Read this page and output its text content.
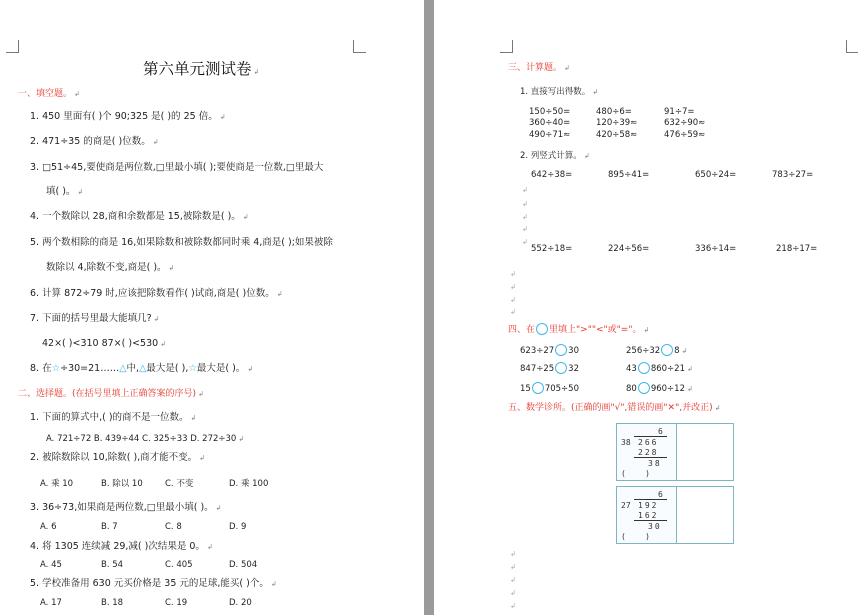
第六单元测试卷 ↲
一、填空题。 ↲
1. 450 里面有( )个 90;325 是( )的 25 倍。 ↲
2. 471÷35 的商是( )位数。 ↲
3. □51÷45,要使商是两位数,□里最小填( );要使商是一位数,□里最大
填( )。 ↲
4. 一个数除以 28,商和余数都是 15,被除数是( )。 ↲
5. 两个数相除的商是 16,如果除数和被除数都同时乘 4,商是( );如果被除
数除以 4,除数不变,商是( )。 ↲
6. 计算 872÷79 时,应该把除数看作( )试商,商是( )位数。 ↲
7. 下面的括号里最大能填几? ↲
42×( )<310 87×( )<530 ↲
8. 在☆÷30=21……△中,△最大是( ),☆最大是( )。 ↲
二、选择题。(在括号里填上正确答案的序号) ↲
1. 下面的算式中,( )的商不是一位数。 ↲
A. 721÷72 B. 439÷44 C. 325÷33 D. 272÷30 ↲
2. 被除数除以 10,除数( ),商才能不变。 ↲
A. 乘 10	B. 除以 10	C. 不变	D. 乘 100
3. 36÷73,如果商是两位数,□里最小填( )。 ↲
A. 6	B. 7	C. 8	D. 9
4. 将 1305 连续减 29,减( )次结果是 0。 ↲
A. 45	B. 54	C. 405	D. 504
5. 学校准备用 630 元买价格是 35 元的足球,能买( )个。 ↲
A. 17	B. 18	C. 19	D. 20
三、计算题。 ↲
1. 直接写出得数。 ↲
150÷50=	480÷6=	91÷7=
360÷40=	120÷39≈	632÷90≈
490÷71≈	420÷58≈	476÷59≈
2. 列竖式计算。 ↲
642÷38=	895÷41=	650÷24=	783÷27=
↲
↲
↲
↲
↲
552÷18=	224÷56=	336÷14=	218÷17=
↲
↲
↲
↲
四、在 里填上">""<"或"="。 ↲
623÷27 30	256÷32 8 ↲
847÷25 32	43 860÷21 ↲
15 705÷50	80 960÷12 ↲
五、数学诊所。(正确的画"√",错误的画"✕",并改正) ↲
6
38 266
228
38
(    )
6
27 192
162
30
(    )
↲
↲
↲
↲
↲
